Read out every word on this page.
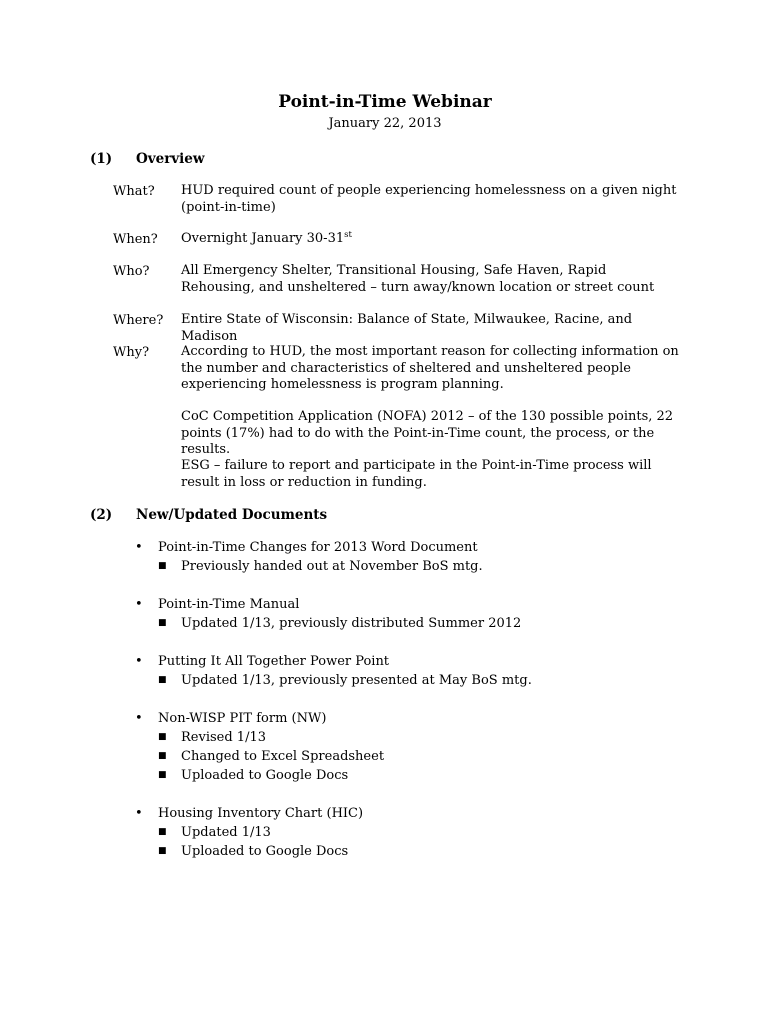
Point-in-Time Webinar
January 22, 2013
(1) Overview
What? HUD required count of people experiencing homelessness on a given night (point-in-time)
When? Overnight January 30-31st
Who? All Emergency Shelter, Transitional Housing, Safe Haven, Rapid Rehousing, and unsheltered – turn away/known location or street count
Where? Entire State of Wisconsin: Balance of State, Milwaukee, Racine, and Madison
Why? According to HUD, the most important reason for collecting information on the number and characteristics of sheltered and unsheltered people experiencing homelessness is program planning.
CoC Competition Application (NOFA) 2012 – of the 130 possible points, 22 points (17%) had to do with the Point-in-Time count, the process, or the results.
ESG – failure to report and participate in the Point-in-Time process will result in loss or reduction in funding.
(2) New/Updated Documents
• Point-in-Time Changes for 2013 Word Document
■ Previously handed out at November BoS mtg.
• Point-in-Time Manual
■ Updated 1/13, previously distributed Summer 2012
• Putting It All Together Power Point
■ Updated 1/13, previously presented at May BoS mtg.
• Non-WISP PIT form (NW)
■ Revised 1/13
■ Changed to Excel Spreadsheet
■ Uploaded to Google Docs
• Housing Inventory Chart (HIC)
■ Updated 1/13
■ Uploaded to Google Docs
